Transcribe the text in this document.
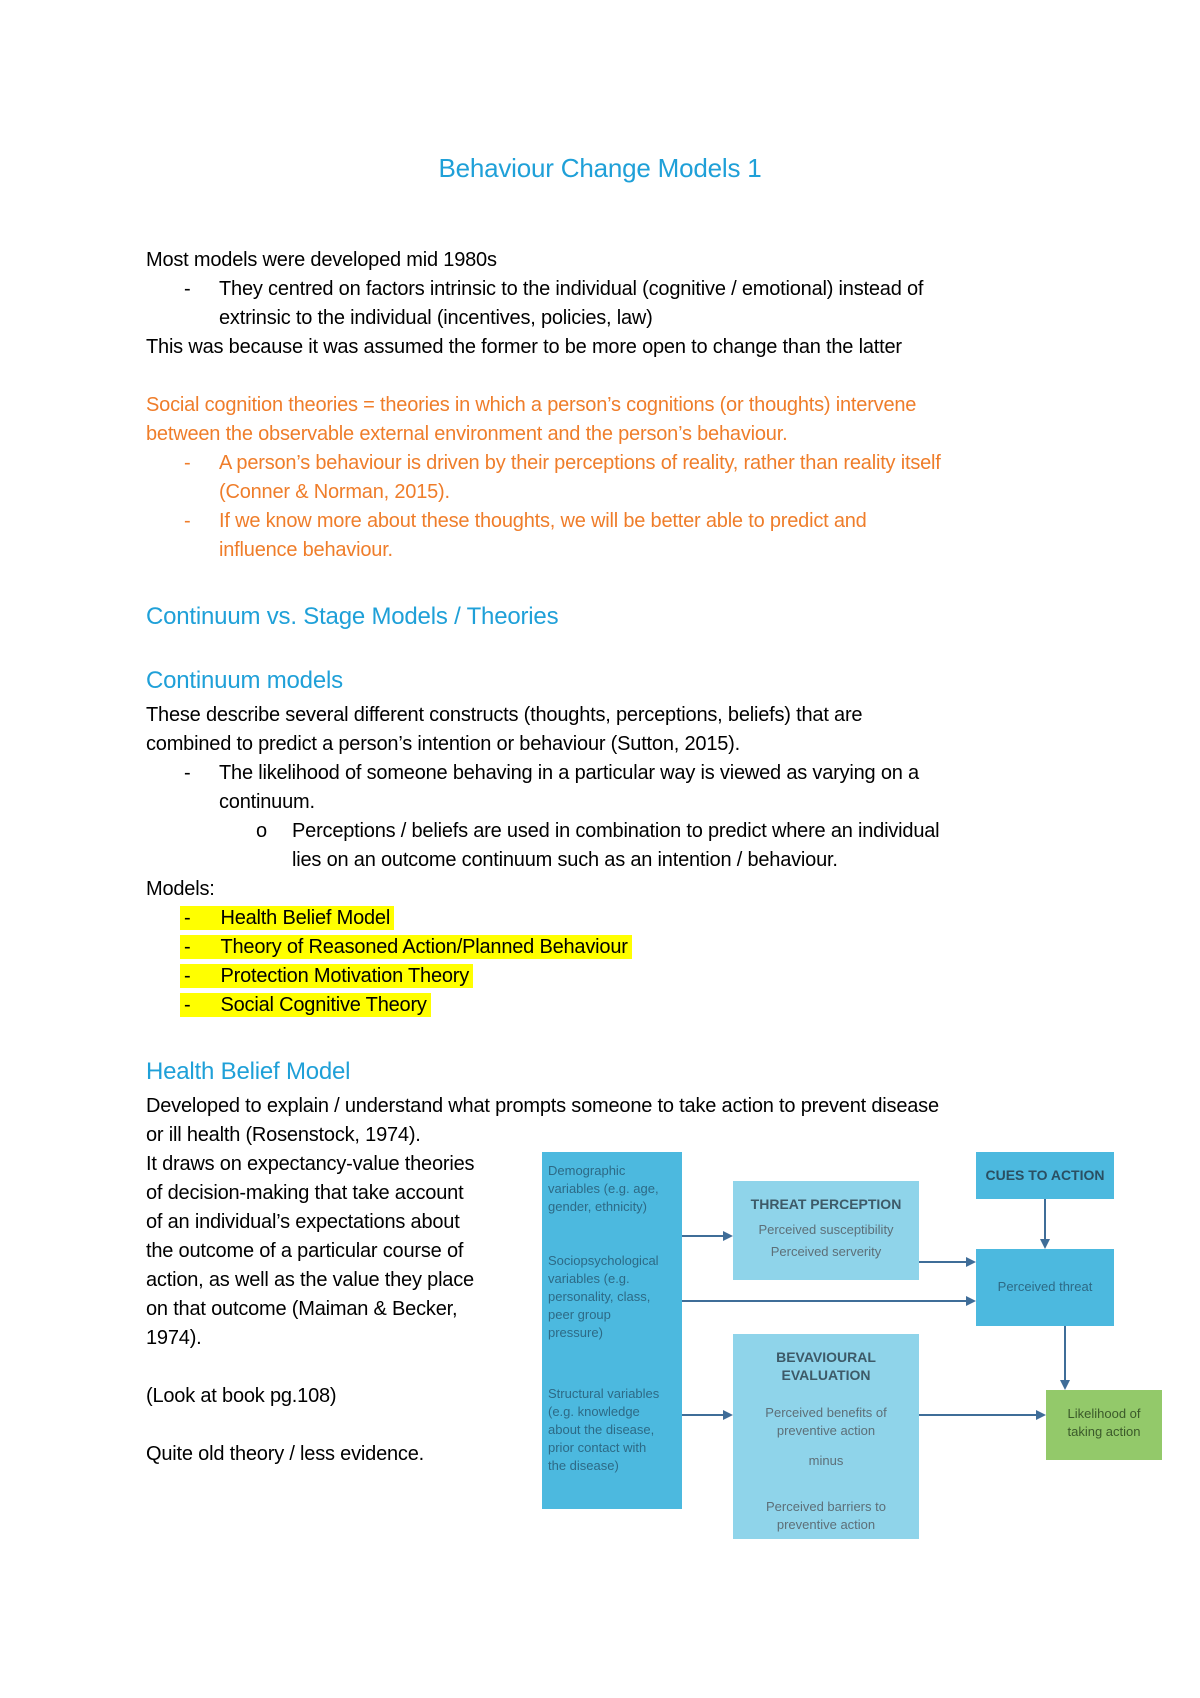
Behaviour Change Models 1
Most models were developed mid 1980s
- They centred on factors intrinsic to the individual (cognitive / emotional) instead of
extrinsic to the individual (incentives, policies, law)
This was because it was assumed the former to be more open to change than the latter
Social cognition theories = theories in which a person’s cognitions (or thoughts) intervene
between the observable external environment and the person’s behaviour.
- A person’s behaviour is driven by their perceptions of reality, rather than reality itself
(Conner & Norman, 2015).
- If we know more about these thoughts, we will be better able to predict and
influence behaviour.
Continuum vs. Stage Models / Theories
Continuum models
These describe several different constructs (thoughts, perceptions, beliefs) that are
combined to predict a person’s intention or behaviour (Sutton, 2015).
- The likelihood of someone behaving in a particular way is viewed as varying on a
continuum.
o Perceptions / beliefs are used in combination to predict where an individual
lies on an outcome continuum such as an intention / behaviour.
Models:
- Health Belief Model
- Theory of Reasoned Action/Planned Behaviour
- Protection Motivation Theory
- Social Cognitive Theory
Health Belief Model
Developed to explain / understand what prompts someone to take action to prevent disease
or ill health (Rosenstock, 1974).
It draws on expectancy-value theories
of decision-making that take account
of an individual’s expectations about
the outcome of a particular course of
action, as well as the value they place
on that outcome (Maiman & Becker,
1974).
(Look at book pg.108)
Quite old theory / less evidence.
Demographic
variables (e.g. age,
gender, ethnicity)
Sociopsychological
variables (e.g.
personality, class,
peer group
pressure)
Structural variables
(e.g. knowledge
about the disease,
prior contact with
the disease)
THREAT PERCEPTION
Perceived susceptibility
Perceived serverity
CUES TO ACTION
Perceived threat
BEVAVIOURAL
EVALUATION
Perceived benefits of
preventive action
minus
Perceived barriers to
preventive action
Likelihood of
taking action
